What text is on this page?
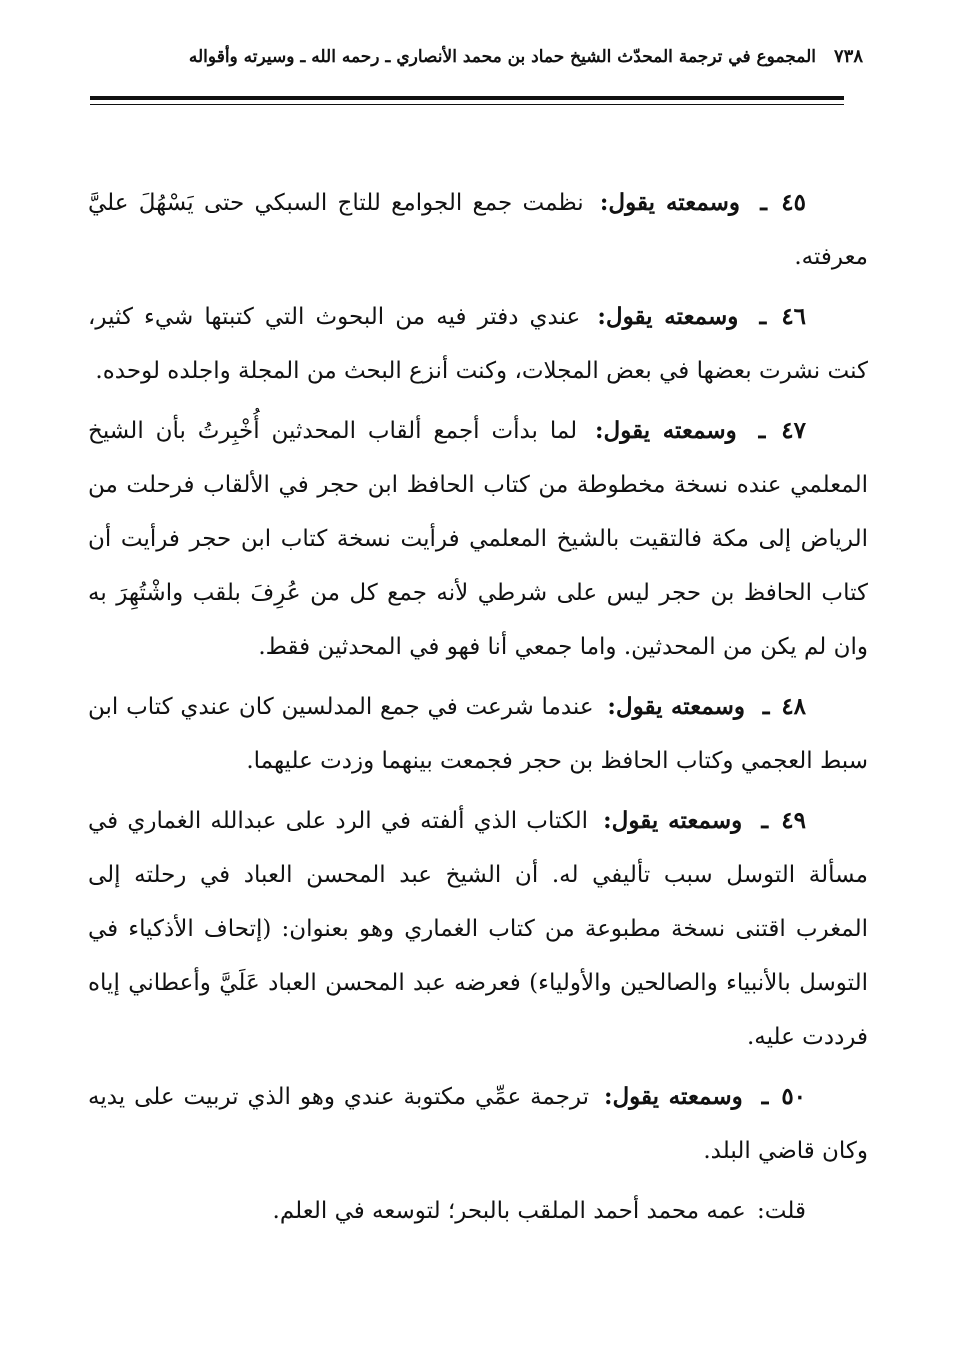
٧٣٨
المجموع في ترجمة المحدّث الشيخ حماد بن محمد الأنصاري ـ رحمه الله ـ وسيرته وأقواله

٤٥ ـ وسمعته يقول: نظمت جمع الجوامع للتاج السبكي حتى يَسْهُلَ عليَّ معرفته.

٤٦ ـ وسمعته يقول: عندي دفتر فيه من البحوث التي كتبتها شيء كثير، كنت نشرت بعضها في بعض المجلات، وكنت أنزع البحث من المجلة واجلده لوحده.

٤٧ ـ وسمعته يقول: لما بدأت أجمع ألقاب المحدثين أُخْبِرتُ بأن الشيخ المعلمي عنده نسخة مخطوطة من كتاب الحافظ ابن حجر في الألقاب فرحلت من الرياض إلى مكة فالتقيت بالشيخ المعلمي فرأيت نسخة كتاب ابن حجر فرأيت أن كتاب الحافظ بن حجر ليس على شرطي لأنه جمع كل من عُرِفَ بلقب واشْتُهِرَ به وان لم يكن من المحدثين. واما جمعي أنا فهو في المحدثين فقط.

٤٨ ـ وسمعته يقول: عندما شرعت في جمع المدلسين كان عندي كتاب ابن سبط العجمي وكتاب الحافظ بن حجر فجمعت بينهما وزدت عليهما.

٤٩ ـ وسمعته يقول: الكتاب الذي ألفته في الرد على عبدالله الغماري في مسألة التوسل سبب تأليفي له. أن الشيخ عبد المحسن العباد في رحلته إلى المغرب اقتنى نسخة مطبوعة من كتاب الغماري وهو بعنوان: (إتحاف الأذكياء في التوسل بالأنبياء والصالحين والأولياء) فعرضه عبد المحسن العباد عَلَيَّ وأعطاني إياه فرددت عليه.

٥٠ ـ وسمعته يقول: ترجمة عمِّي مكتوبة عندي وهو الذي تربيت على يديه وكان قاضي البلد.

قلت: عمه محمد أحمد الملقب بالبحر؛ لتوسعه في العلم.
